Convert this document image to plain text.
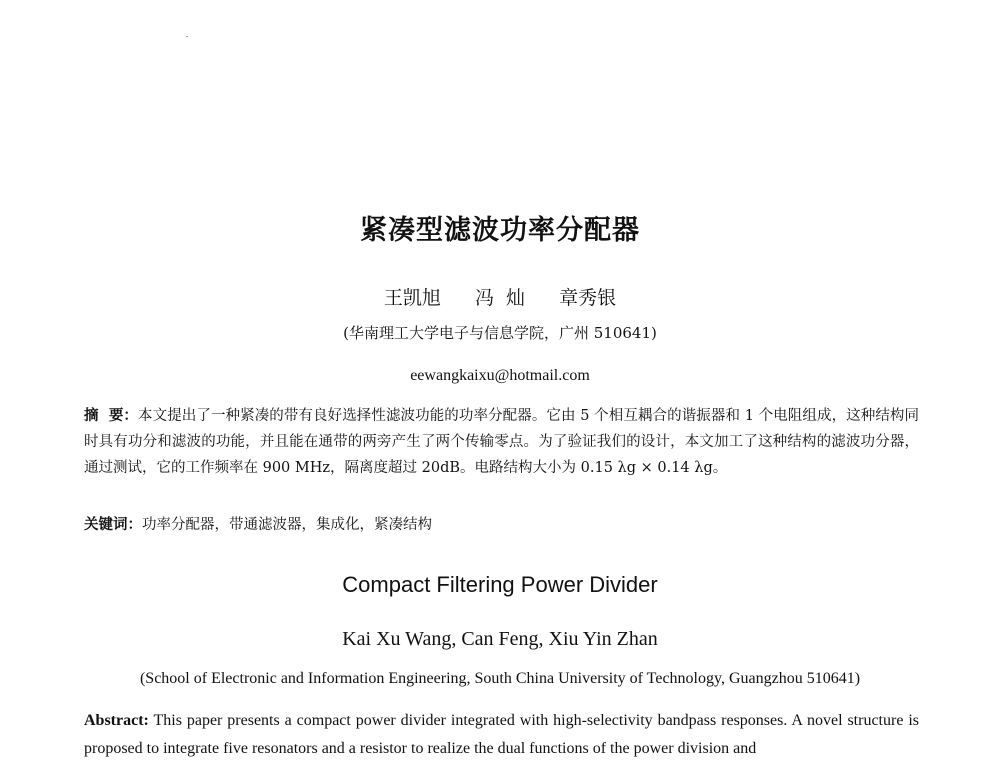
紧凑型滤波功率分配器
王凯旭 冯  灿 章秀银
(华南理工大学电子与信息学院，广州 510641)
eewangkaixu@hotmail.com
摘  要：本文提出了一种紧凑的带有良好选择性滤波功能的功率分配器。它由 5 个相互耦合的谐振器和 1 个电阻组成，这种结构同时具有功分和滤波的功能，并且能在通带的两旁产生了两个传输零点。为了验证我们的设计，本文加工了这种结构的滤波功分器，通过测试，它的工作频率在 900 MHz，隔离度超过 20dB。电路结构大小为 0.15 λg × 0.14 λg。
关键词：功率分配器，带通滤波器，集成化，紧凑结构
Compact Filtering Power Divider
Kai Xu Wang, Can Feng, Xiu Yin Zhan
(School of Electronic and Information Engineering, South China University of Technology, Guangzhou 510641)
Abstract: This paper presents a compact power divider integrated with high-selectivity bandpass responses. A novel structure is proposed to integrate five resonators and a resistor to realize the dual functions of the power division and
